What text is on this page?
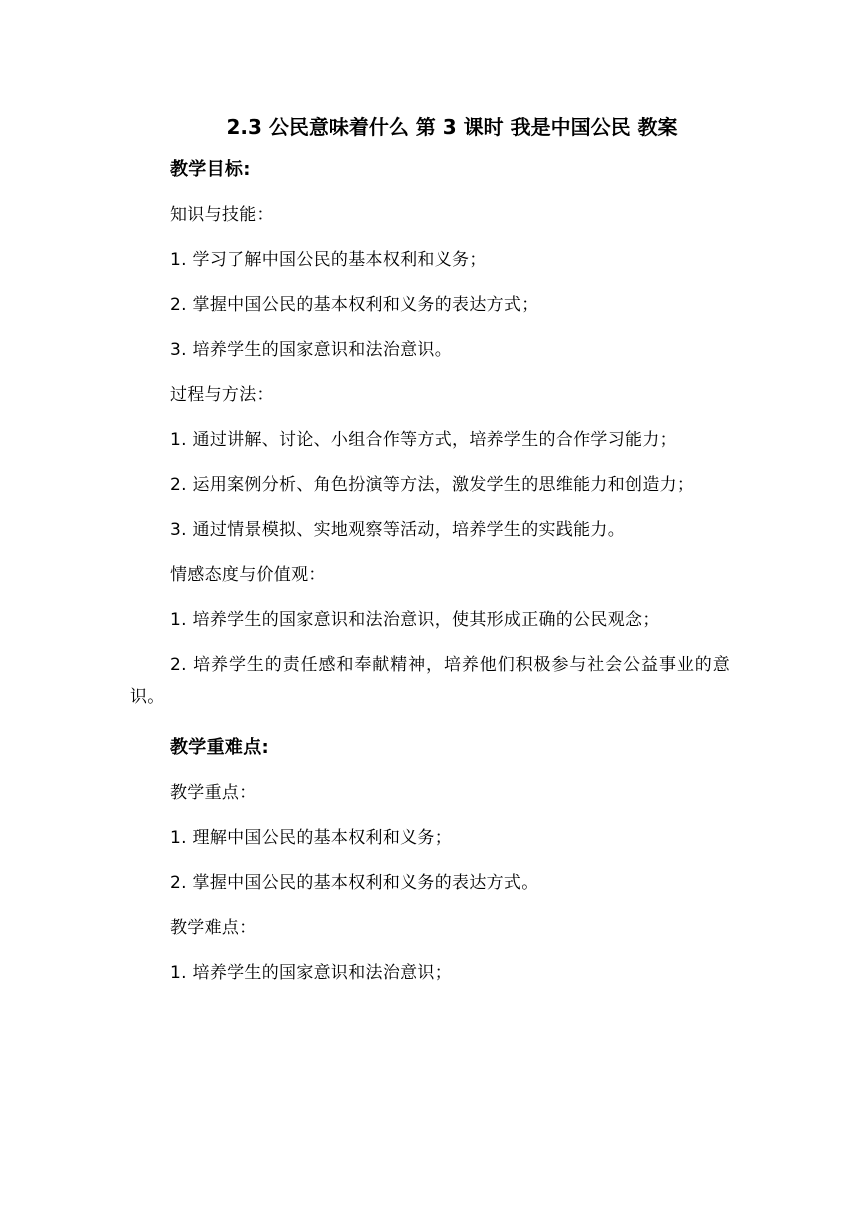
2.3 公民意味着什么 第 3 课时 我是中国公民 教案

教学目标:

知识与技能：

1. 学习了解中国公民的基本权利和义务；

2. 掌握中国公民的基本权利和义务的表达方式；

3. 培养学生的国家意识和法治意识。

过程与方法：

1. 通过讲解、讨论、小组合作等方式，培养学生的合作学习能力；

2. 运用案例分析、角色扮演等方法，激发学生的思维能力和创造力；

3. 通过情景模拟、实地观察等活动，培养学生的实践能力。

情感态度与价值观：

1. 培养学生的国家意识和法治意识，使其形成正确的公民观念；

2. 培养学生的责任感和奉献精神，培养他们积极参与社会公益事业的意识。

教学重难点:

教学重点：

1. 理解中国公民的基本权利和义务；

2. 掌握中国公民的基本权利和义务的表达方式。

教学难点：

1. 培养学生的国家意识和法治意识；
